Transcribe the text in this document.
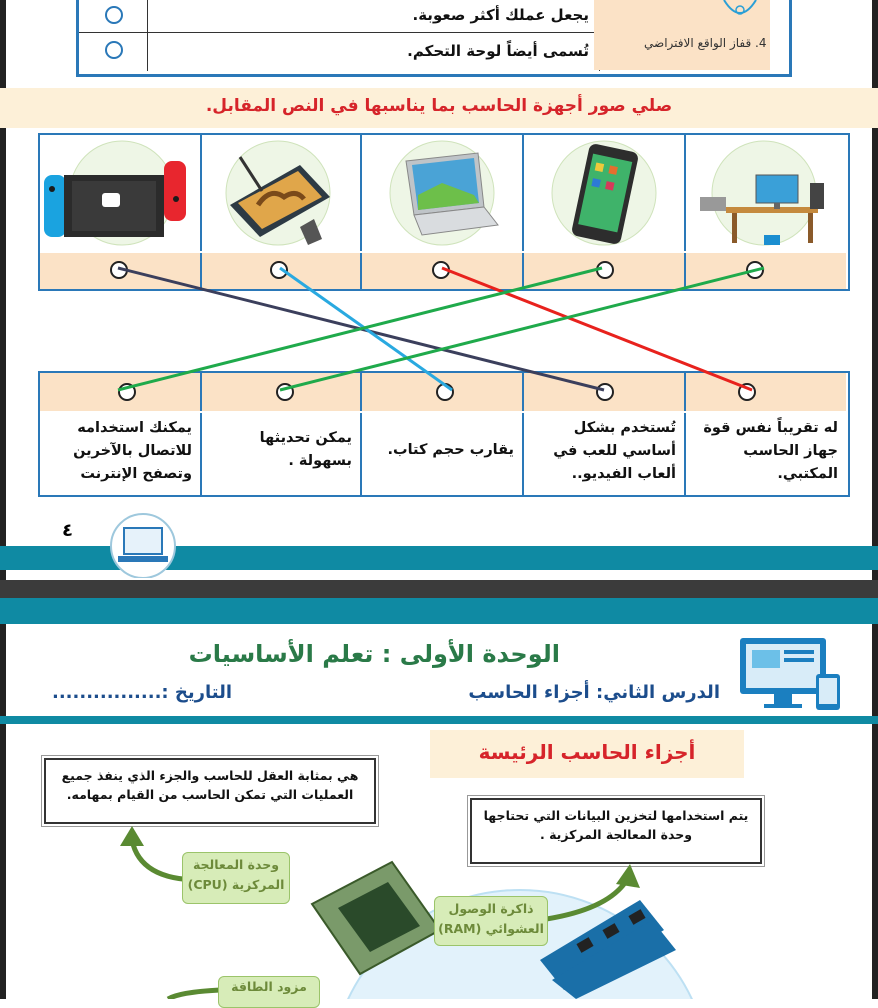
يجعل عملك أكثر صعوبة.
تُسمى أيضاً لوحة التحكم.	4. قفاز الواقع الافتراضي
صلي صور أجهزة الحاسب بما يناسبها في النص المقابل.
له تقريباً نفس قوة جهاز الحاسب المكتبي.
تُستخدم بشكل أساسي للعب في ألعاب الفيديو..
يقارب حجم كتاب.
يمكن تحديثها بسهولة .
يمكنك استخدامه للاتصال بالآخرين وتصفح الإنترنت
٤
الوحدة الأولى : تعلم الأساسيات
الدرس الثاني: أجزاء الحاسب
التاريخ :................
أجزاء الحاسب الرئيسة
هي بمثابة العقل للحاسب والجزء الذي ينفذ جميع العمليات التي تمكن الحاسب من القيام بمهامه.
يتم استخدامها لتخزين البيانات التي تحتاجها وحدة المعالجة المركزية .
وحدة المعالجة المركزية (CPU)
ذاكرة الوصول العشوائي (RAM)
مزود الطاقة
